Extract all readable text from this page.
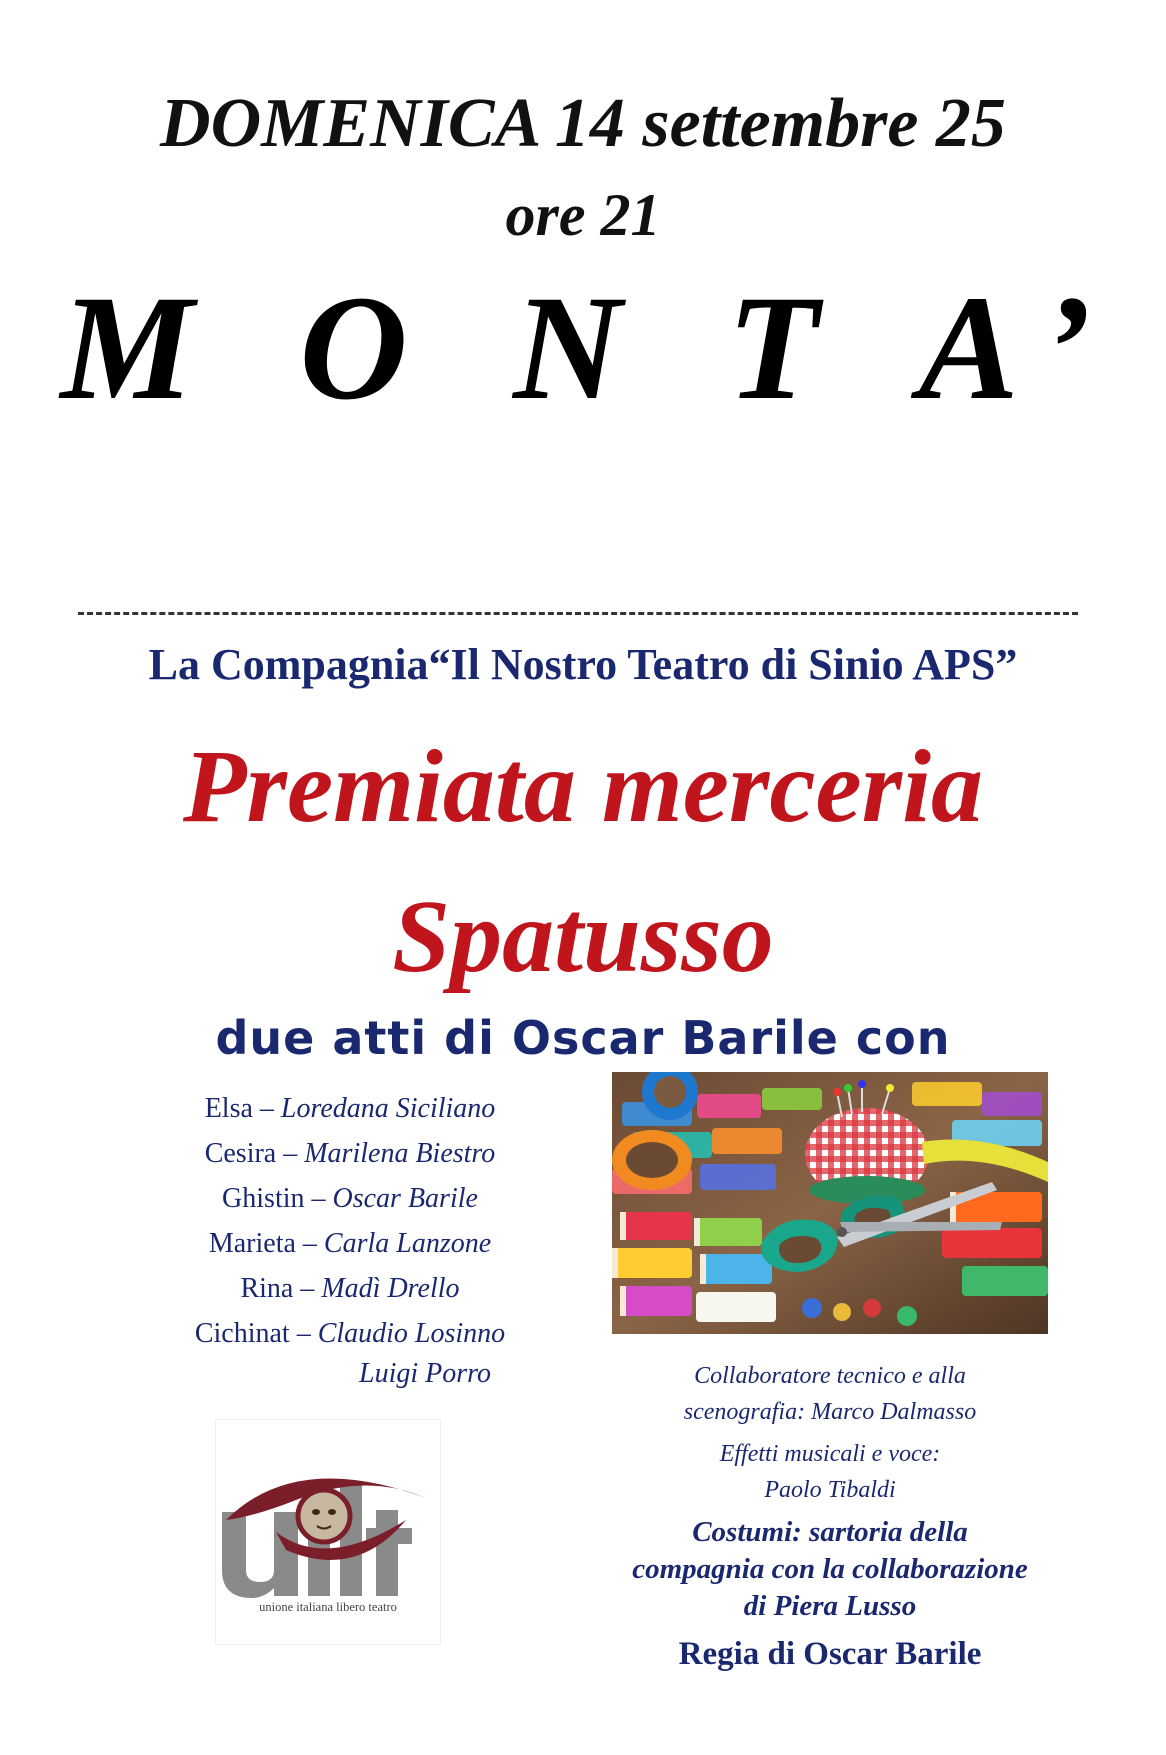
DOMENICA 14 settembre 25
ore 21
M O N T A’
La Compagnia“Il Nostro Teatro di Sinio APS”
Premiata merceria
Spatusso
due atti di Oscar Barile con
Elsa – Loredana Siciliano
Cesira – Marilena Biestro
Ghistin – Oscar Barile
Marieta – Carla Lanzone
Rina – Madì Drello
Cichinat – Claudio Losinno
Luigi Porro	Collaboratore tecnico e alla
scenografia: Marco Dalmasso
Effetti musicali e voce:
Paolo Tibaldi
Costumi: sartoria della
compagnia con la collaborazione
di Piera Lusso
Regia di Oscar Barile
unione italiana libero teatro
